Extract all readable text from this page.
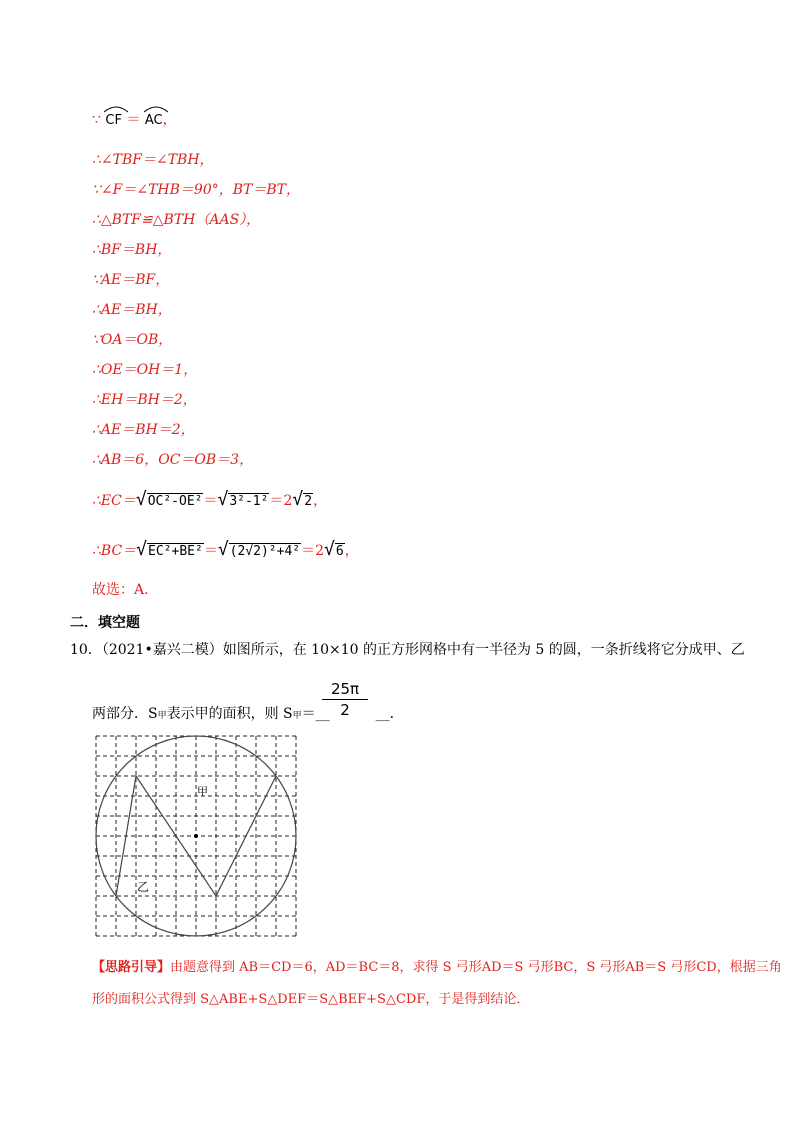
∵ CF ＝ AC，
∴∠TBF＝∠TBH，
∵∠F＝∠THB＝90°，BT＝BT，
∴△BTF≌△BTH（AAS），
∴BF＝BH，
∵AE＝BF，
∴AE＝BH，
∵OA＝OB，
∴OE＝OH＝1，
∴EH＝BH＝2，
∴AE＝BH＝2，
∴AB＝6，OC＝OB＝3，
∴EC＝√OC²-OE²＝√3²-1²＝2√2，
∴BC＝√EC²+BE²＝√(2√2)²+4²＝2√6，
故选：A．
二．填空题
10．（2021•嘉兴二模）如图所示，在 10×10 的正方形网格中有一半径为 5 的圆，一条折线将它分成甲、乙
25π
2
两部分．S甲表示甲的面积，则 S甲＝__	__．
甲
乙
【思路引导】由题意得到 AB＝CD＝6，AD＝BC＝8，求得 S 弓形AD＝S 弓形BC，S 弓形AB＝S 弓形CD，根据三角
形的面积公式得到 S△ABE+S△DEF＝S△BEF+S△CDF，于是得到结论．
